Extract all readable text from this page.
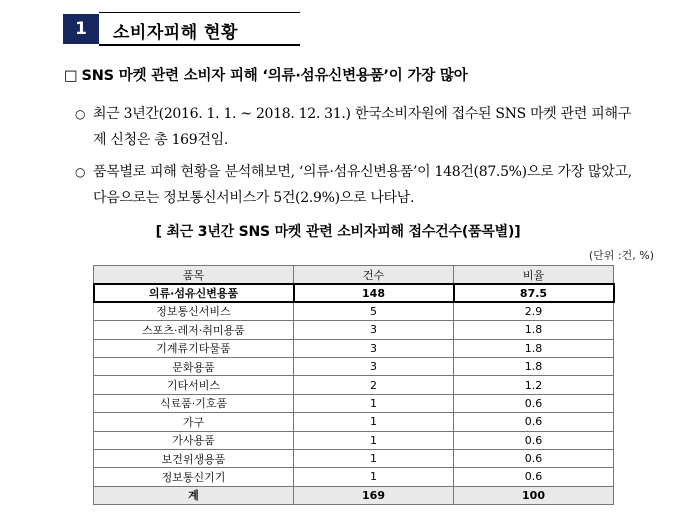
1	소비자피해 현황
□ SNS 마켓 관련 소비자 피해 ‘의류·섬유신변용품’이 가장 많아
○ 최근 3년간(2016. 1. 1. ~ 2018. 12. 31.) 한국소비자원에 접수된 SNS 마켓 관련 피해구제 신청은 총 169건임.
○ 품목별로 피해 현황을 분석해보면, ‘의류·섬유신변용품’이 148건(87.5%)으로 가장 많았고, 다음으로는 정보통신서비스가 5건(2.9%)으로 나타남.
[ 최근 3년간 SNS 마켓 관련 소비자피해 접수건수(품목별)]
(단위 :건, %)
품목	건수	비율
의류·섬유신변용품	148	87.5
정보통신서비스	5	2.9
스포츠·레저·취미용품	3	1.8
기계류기타물품	3	1.8
문화용품	3	1.8
기타서비스	2	1.2
식료품·기호품	1	0.6
가구	1	0.6
가사용품	1	0.6
보건위생용품	1	0.6
정보통신기기	1	0.6
계	169	100
